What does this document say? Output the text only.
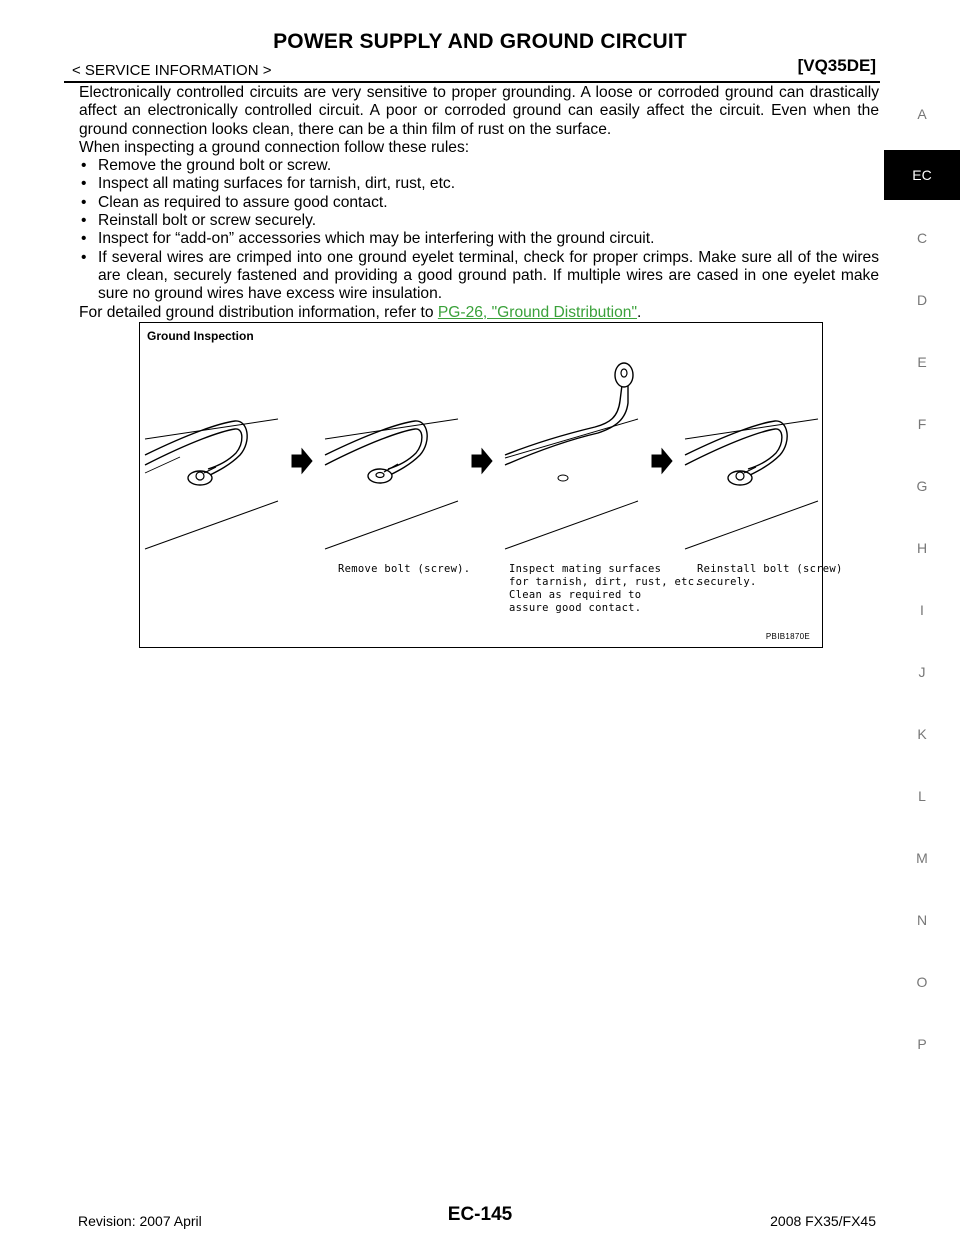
POWER SUPPLY AND GROUND CIRCUIT
< SERVICE INFORMATION >	[VQ35DE]

Electronically controlled circuits are very sensitive to proper grounding. A loose or corroded ground can drastically affect an electronically controlled circuit. A poor or corroded ground can easily affect the circuit. Even when the ground connection looks clean, there can be a thin film of rust on the surface.

When inspecting a ground connection follow these rules:

• Remove the ground bolt or screw.
• Inspect all mating surfaces for tarnish, dirt, rust, etc.
• Clean as required to assure good contact.
• Reinstall bolt or screw securely.
• Inspect for “add-on” accessories which may be interfering with the ground circuit.
• If several wires are crimped into one ground eyelet terminal, check for proper crimps. Make sure all of the wires are clean, securely fastened and providing a good ground path. If multiple wires are cased in one eyelet make sure no ground wires have excess wire insulation.

For detailed ground distribution information, refer to PG-26, "Ground Distribution".

Ground Inspection
Remove bolt (screw).	Inspect mating surfaces
for tarnish, dirt, rust, etc.
Clean as required to
assure good contact.
Reinstall bolt (screw)
securely.
PBIB1870E
A
EC
C
D
E
F
G
H
I
J
K
L
M
N
O
P
Revision: 2007 April	EC-145	2008 FX35/FX45
